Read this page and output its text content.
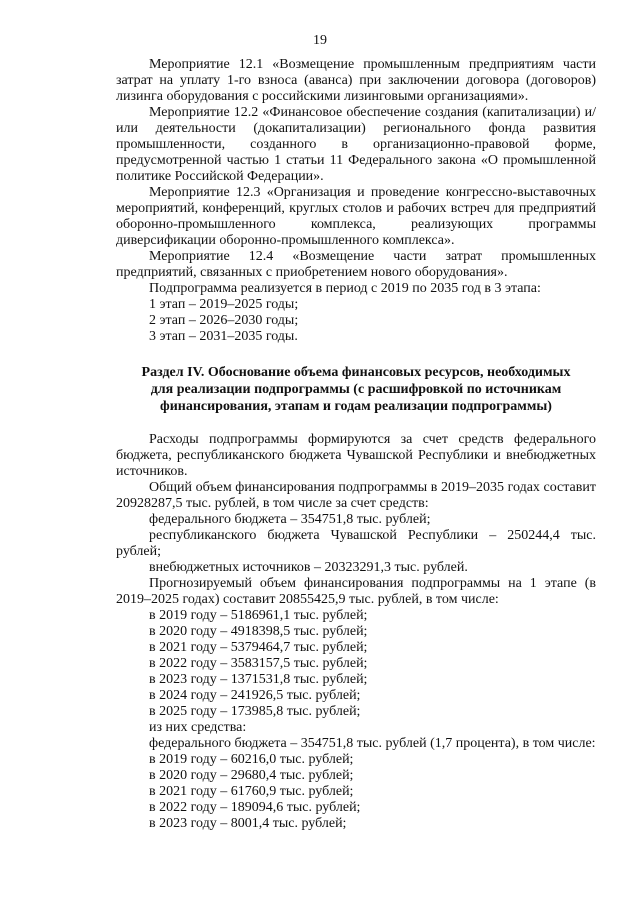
19

Мероприятие 12.1 «Возмещение промышленным предприятиям части затрат на уплату 1-го взноса (аванса) при заключении договора (договоров) лизинга оборудования с российскими лизинговыми организациями».

Мероприятие 12.2 «Финансовое обеспечение создания (капитализации) и/или деятельности (докапитализации) регионального фонда развития промышленности, созданного в организационно-правовой форме, предусмотренной частью 1 статьи 11 Федерального закона «О промышленной политике Российской Федерации».

Мероприятие 12.3 «Организация и проведение конгрессно-выставочных мероприятий, конференций, круглых столов и рабочих встреч для предприятий оборонно-промышленного комплекса, реализующих программы диверсификации оборонно-промышленного комплекса».

Мероприятие 12.4 «Возмещение части затрат промышленных предприятий, связанных с приобретением нового оборудования».

Подпрограмма реализуется в период с 2019 по 2035 год в 3 этапа:

1 этап – 2019–2025 годы;

2 этап – 2026–2030 годы;

3 этап – 2031–2035 годы.

Раздел IV. Обоснование объема финансовых ресурсов, необходимых
для реализации подпрограммы (с расшифровкой по источникам
финансирования, этапам и годам реализации подпрограммы)

Расходы подпрограммы формируются за счет средств федерального бюджета, республиканского бюджета Чувашской Республики и внебюджетных источников.

Общий объем финансирования подпрограммы в 2019–2035 годах составит 20928287,5 тыс. рублей, в том числе за счет средств:

федерального бюджета – 354751,8 тыс. рублей;

республиканского бюджета Чувашской Республики – 250244,4 тыс. рублей;

внебюджетных источников – 20323291,3 тыс. рублей.

Прогнозируемый объем финансирования подпрограммы на 1 этапе (в 2019–2025 годах) составит 20855425,9 тыс. рублей, в том числе:

в 2019 году – 5186961,1 тыс. рублей;

в 2020 году – 4918398,5 тыс. рублей;

в 2021 году – 5379464,7 тыс. рублей;

в 2022 году – 3583157,5 тыс. рублей;

в 2023 году – 1371531,8 тыс. рублей;

в 2024 году – 241926,5 тыс. рублей;

в 2025 году – 173985,8 тыс. рублей;

из них средства:

федерального бюджета – 354751,8 тыс. рублей (1,7 процента), в том числе:

в 2019 году – 60216,0 тыс. рублей;

в 2020 году – 29680,4 тыс. рублей;

в 2021 году – 61760,9 тыс. рублей;

в 2022 году – 189094,6 тыс. рублей;

в 2023 году – 8001,4 тыс. рублей;
